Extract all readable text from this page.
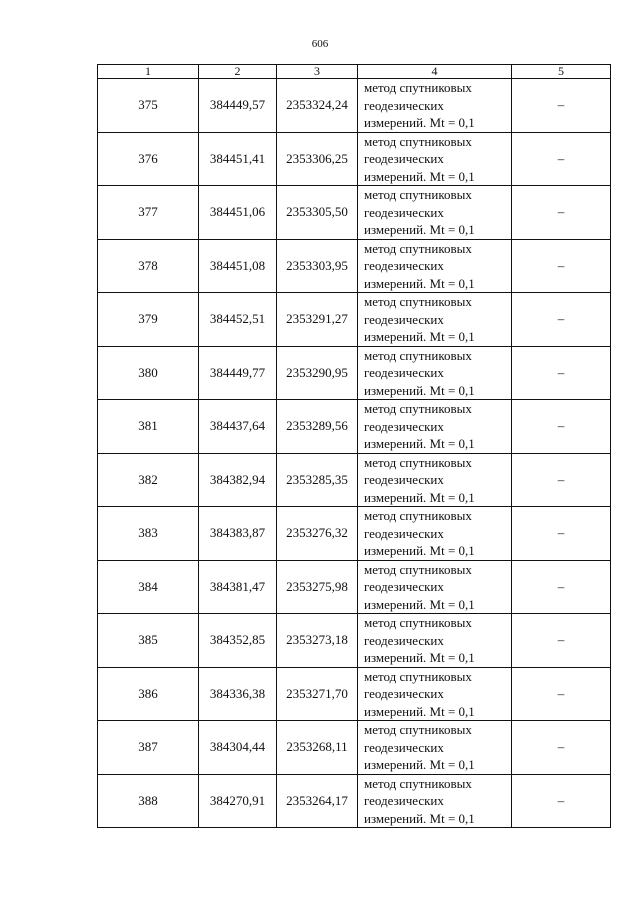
606
1	2	3	4	5
375	384449,57	2353324,24	метод спутниковых
геодезических
измерений. Mt = 0,1	–
376	384451,41	2353306,25	метод спутниковых
геодезических
измерений. Mt = 0,1	–
377	384451,06	2353305,50	метод спутниковых
геодезических
измерений. Mt = 0,1	–
378	384451,08	2353303,95	метод спутниковых
геодезических
измерений. Mt = 0,1	–
379	384452,51	2353291,27	метод спутниковых
геодезических
измерений. Mt = 0,1	–
380	384449,77	2353290,95	метод спутниковых
геодезических
измерений. Mt = 0,1	–
381	384437,64	2353289,56	метод спутниковых
геодезических
измерений. Mt = 0,1	–
382	384382,94	2353285,35	метод спутниковых
геодезических
измерений. Mt = 0,1	–
383	384383,87	2353276,32	метод спутниковых
геодезических
измерений. Mt = 0,1	–
384	384381,47	2353275,98	метод спутниковых
геодезических
измерений. Mt = 0,1	–
385	384352,85	2353273,18	метод спутниковых
геодезических
измерений. Mt = 0,1	–
386	384336,38	2353271,70	метод спутниковых
геодезических
измерений. Mt = 0,1	–
387	384304,44	2353268,11	метод спутниковых
геодезических
измерений. Mt = 0,1	–
388	384270,91	2353264,17	метод спутниковых
геодезических
измерений. Mt = 0,1	–
